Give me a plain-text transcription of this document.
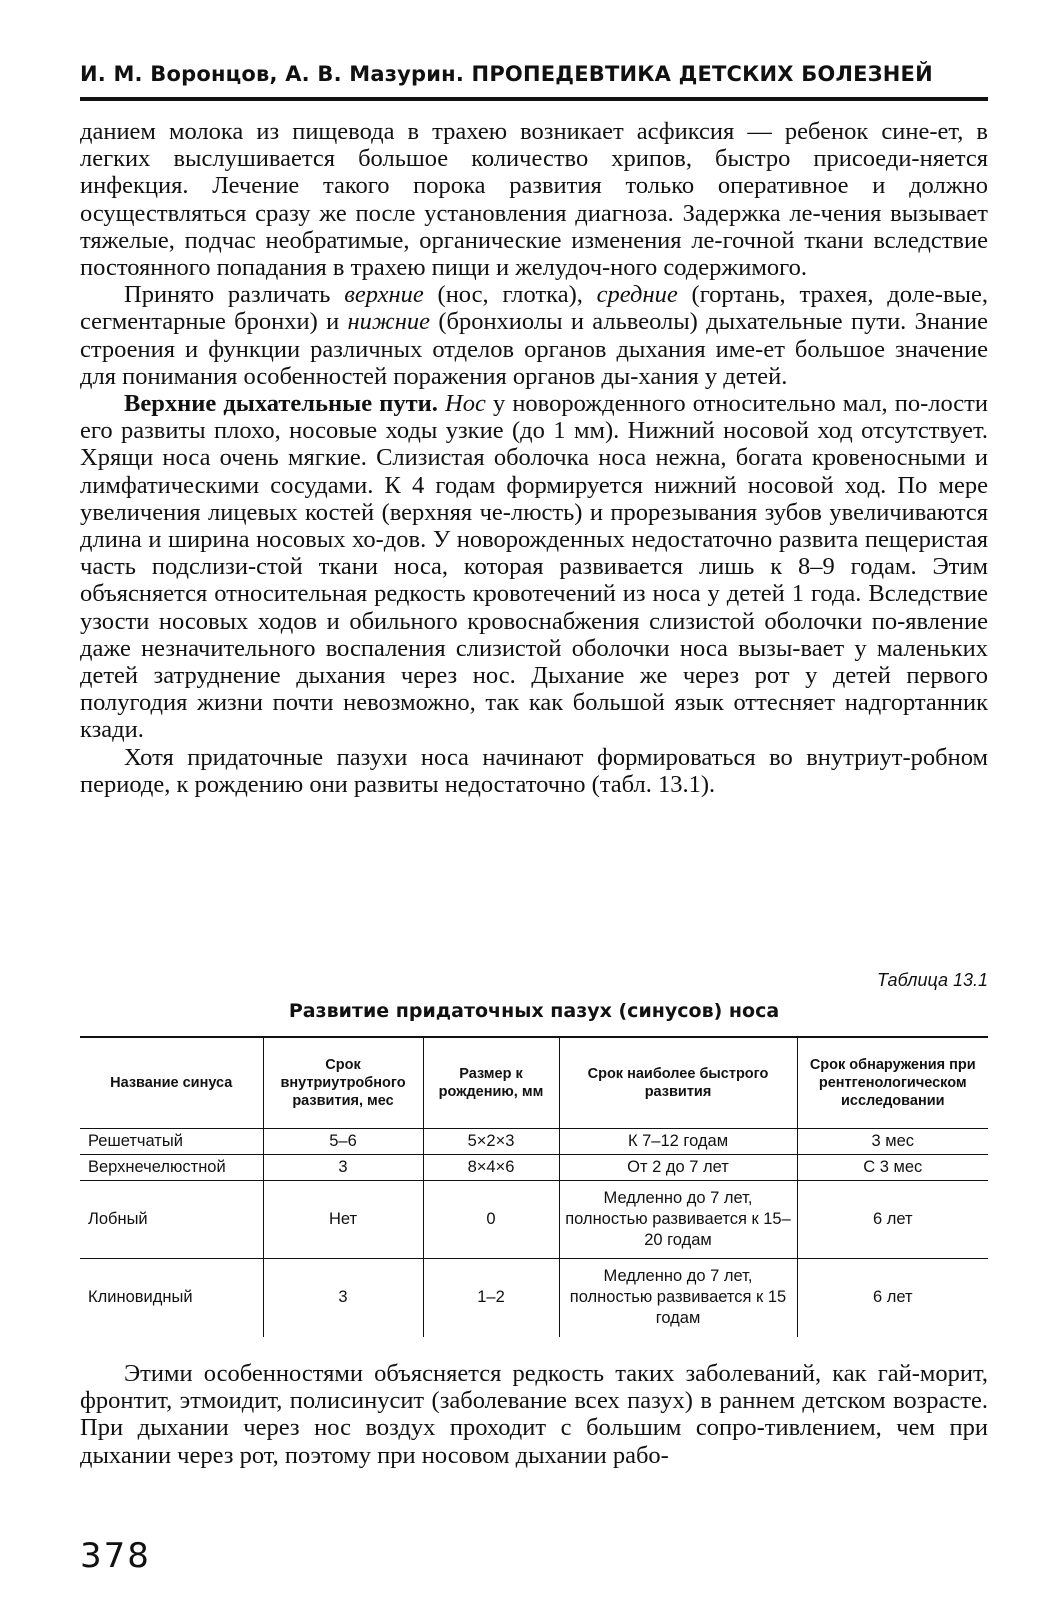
И. М. Воронцов, А. В. Мазурин. ПРОПЕДЕВТИКА ДЕТСКИХ БОЛЕЗНЕЙ

данием молока из пищевода в трахею возникает асфиксия — ребенок сине-ет, в легких выслушивается большое количество хрипов, быстро присоеди-няется инфекция. Лечение такого порока развития только оперативное и должно осуществляться сразу же после установления диагноза. Задержка ле-чения вызывает тяжелые, подчас необратимые, органические изменения ле-гочной ткани вследствие постоянного попадания в трахею пищи и желудоч-ного содержимого.

Принято различать верхние (нос, глотка), средние (гортань, трахея, доле-вые, сегментарные бронхи) и нижние (бронхиолы и альвеолы) дыхательные пути. Знание строения и функции различных отделов органов дыхания име-ет большое значение для понимания особенностей поражения органов ды-хания у детей.

Верхние дыхательные пути. Нос у новорожденного относительно мал, по-лости его развиты плохо, носовые ходы узкие (до 1 мм). Нижний носовой ход отсутствует. Хрящи носа очень мягкие. Слизистая оболочка носа нежна, богата кровеносными и лимфатическими сосудами. К 4 годам формируется нижний носовой ход. По мере увеличения лицевых костей (верхняя че-люсть) и прорезывания зубов увеличиваются длина и ширина носовых хо-дов. У новорожденных недостаточно развита пещеристая часть подслизи-стой ткани носа, которая развивается лишь к 8–9 годам. Этим объясняется относительная редкость кровотечений из носа у детей 1 года. Вследствие узости носовых ходов и обильного кровоснабжения слизистой оболочки по-явление даже незначительного воспаления слизистой оболочки носа вызы-вает у маленьких детей затруднение дыхания через нос. Дыхание же через рот у детей первого полугодия жизни почти невозможно, так как большой язык оттесняет надгортанник кзади.

Хотя придаточные пазухи носа начинают формироваться во внутриут-робном периоде, к рождению они развиты недостаточно (табл. 13.1).

Таблица 13.1
Развитие придаточных пазух (синусов) носа
Название синуса	Срок внутриутробного развития, мес	Размер к рождению, мм	Срок наиболее быстрого развития	Срок обнаружения при рентгенологическом исследовании
Решетчатый	5–6	5×2×3	К 7–12 годам	3 мес
Верхнечелюстной	3	8×4×6	От 2 до 7 лет	С 3 мес
Лобный	Нет	0	Медленно до 7 лет, полностью развивается к 15–20 годам	6 лет
Клиновидный	3	1–2	Медленно до 7 лет, полностью развивается к 15 годам	6 лет

Этими особенностями объясняется редкость таких заболеваний, как гай-морит, фронтит, этмоидит, полисинусит (заболевание всех пазух) в раннем детском возрасте. При дыхании через нос воздух проходит с большим сопро-тивлением, чем при дыхании через рот, поэтому при носовом дыхании рабо-

378
